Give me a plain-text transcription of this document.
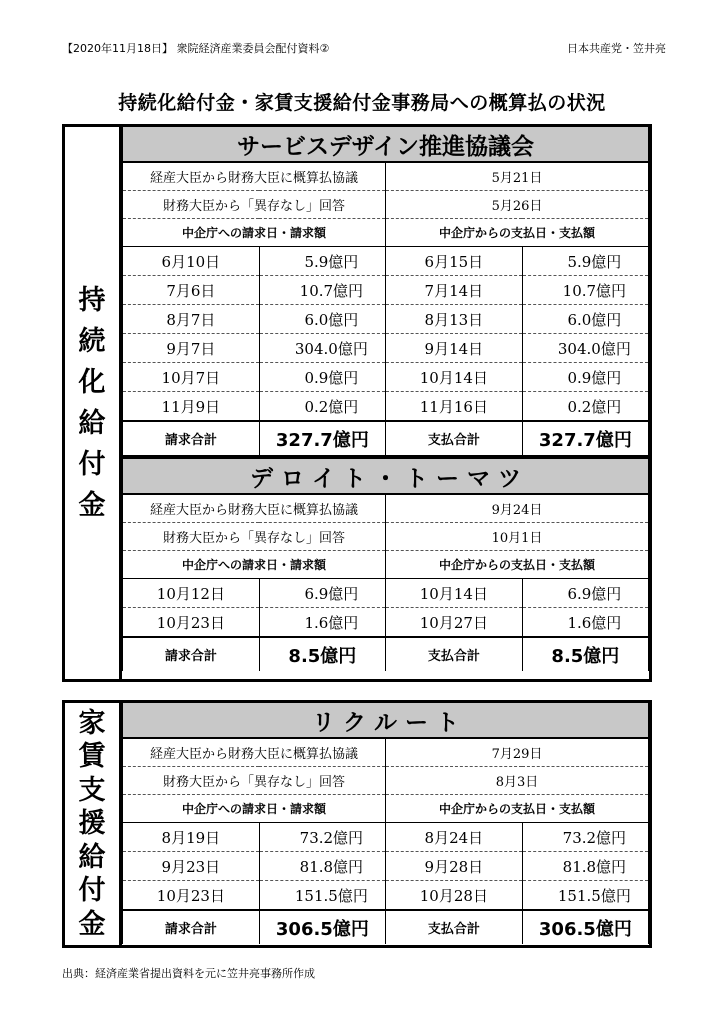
【2020年11月18日】 衆院経済産業委員会配付資料②	日本共産党・笠井亮
持続化給付金・家賃支援給付金事務局への概算払の状況
持
続
化
給
付
金
サービスデザイン推進協議会			
経産大臣から財務大臣に概算払協議		5月21日	
財務大臣から「異存なし」回答		5月26日	
中企庁への請求日・請求額		中企庁からの支払日・支払額	
6月10日	5.9億円	6月15日	5.9億円
7月6日	10.7億円	7月14日	10.7億円
8月7日	6.0億円	8月13日	6.0億円
9月7日	304.0億円	9月14日	304.0億円
10月7日	0.9億円	10月14日	0.9億円
11月9日	0.2億円	11月16日	0.2億円
請求合計	327.7億円	支払合計	327.7億円
デ ロ イ ト ・ ト ー マ ツ			
経産大臣から財務大臣に概算払協議		9月24日	
財務大臣から「異存なし」回答		10月1日	
中企庁への請求日・請求額		中企庁からの支払日・支払額	
10月12日	6.9億円	10月14日	6.9億円
10月23日	1.6億円	10月27日	1.6億円
請求合計	8.5億円	支払合計	8.5億円
家
賃
支
援
給
付
金
リ ク ル ー ト			
経産大臣から財務大臣に概算払協議		7月29日	
財務大臣から「異存なし」回答		8月3日	
中企庁への請求日・請求額		中企庁からの支払日・支払額	
8月19日	73.2億円	8月24日	73.2億円
9月23日	81.8億円	9月28日	81.8億円
10月23日	151.5億円	10月28日	151.5億円
請求合計	306.5億円	支払合計	306.5億円
出典：経済産業省提出資料を元に笠井亮事務所作成
